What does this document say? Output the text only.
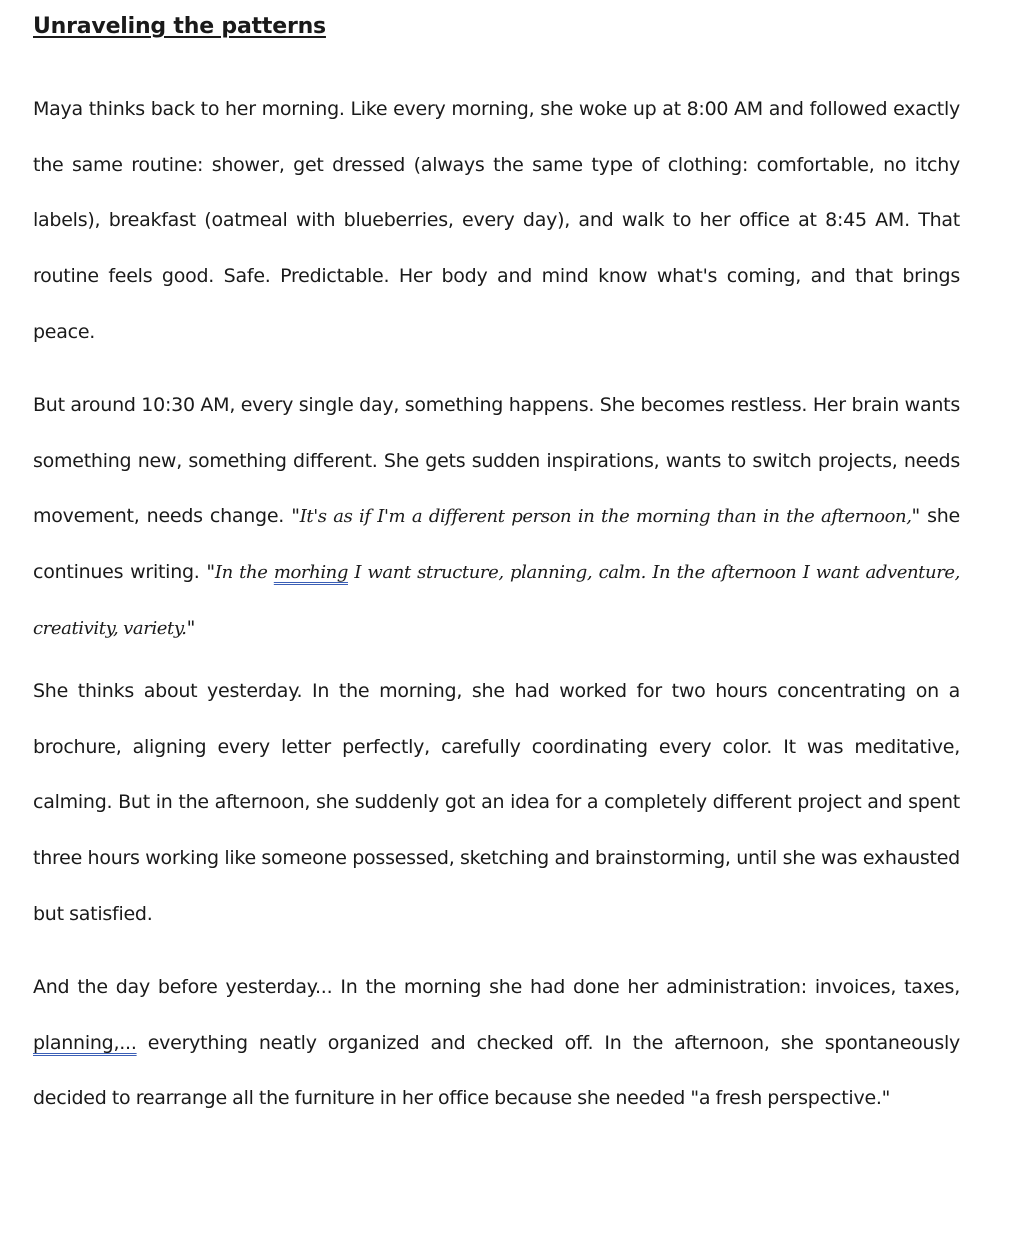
Unraveling the patterns

Maya thinks back to her morning. Like every morning, she woke up at 8:00 AM and followed exactly the same routine: shower, get dressed (always the same type of clothing: comfortable, no itchy labels), breakfast (oatmeal with blueberries, every day), and walk to her office at 8:45 AM. That routine feels good. Safe. Predictable. Her body and mind know what's coming, and that brings peace.

But around 10:30 AM, every single day, something happens. She becomes restless. Her brain wants something new, something different. She gets sudden inspirations, wants to switch projects, needs movement, needs change. "It's as if I'm a different person in the morning than in the afternoon," she continues writing. "In the morhing I want structure, planning, calm. In the afternoon I want adventure, creativity, variety."

She thinks about yesterday. In the morning, she had worked for two hours concentrating on a brochure, aligning every letter perfectly, carefully coordinating every color. It was meditative, calming. But in the afternoon, she suddenly got an idea for a completely different project and spent three hours working like someone possessed, sketching and brainstorming, until she was exhausted but satisfied.

And the day before yesterday... In the morning she had done her administration: invoices, taxes, planning,... everything neatly organized and checked off. In the afternoon, she spontaneously decided to rearrange all the furniture in her office because she needed "a fresh perspective."
